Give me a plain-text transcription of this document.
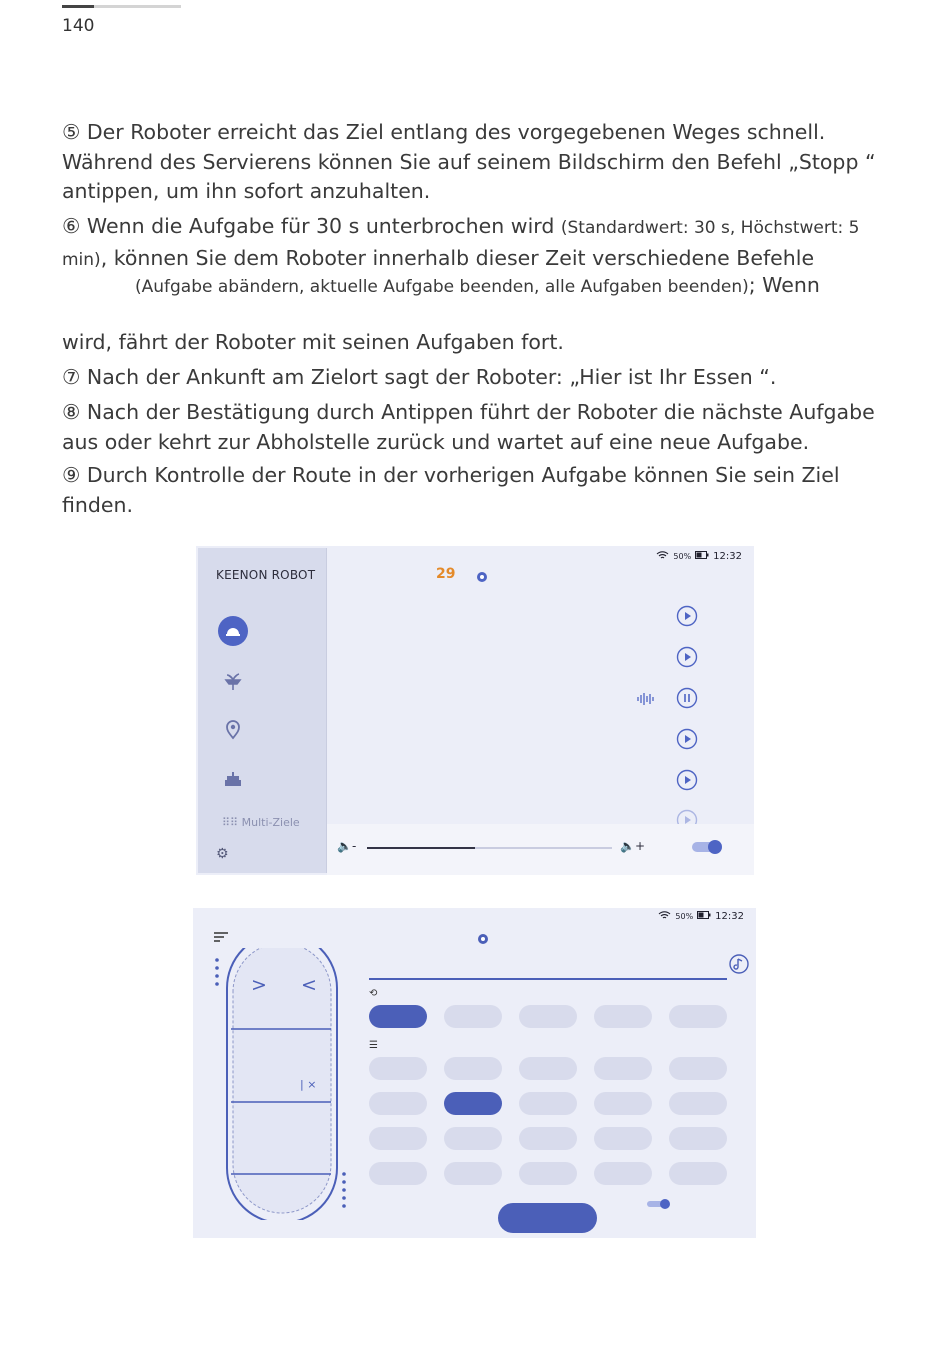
140
⑤ Der Roboter erreicht das Ziel entlang des vorgegebenen Weges schnell. Während des Servierens können Sie auf seinem Bildschirm den Befehl „Stopp “ antippen, um ihn sofort anzuhalten.
⑥ Wenn die Aufgabe für 30 s unterbrochen wird (Standardwert: 30 s, Höchstwert: 5 min), können Sie dem Roboter innerhalb dieser Zeit verschiedene Befehle
(Aufgabe abändern, aktuelle Aufgabe beenden, alle Aufgaben beenden); Wenn
wird, fährt der Roboter mit seinen Aufgaben fort.
⑦ Nach der Ankunft am Zielort sagt der Roboter: „Hier ist Ihr Essen “.
⑧ Nach der Bestätigung durch Antippen führt der Roboter die nächste Aufgabe aus oder kehrt zur Abholstelle zurück und wartet auf eine neue Aufgabe.
⑨ Durch Kontrolle der Route in der vorherigen Aufgabe können Sie sein Ziel finden.
KEENON ROBOT
⠿⠿ Multi-Ziele
⚙
50% 12:32
29
🔈-	🔈+
50% 12:32
> <
| ×
⟲
☰
